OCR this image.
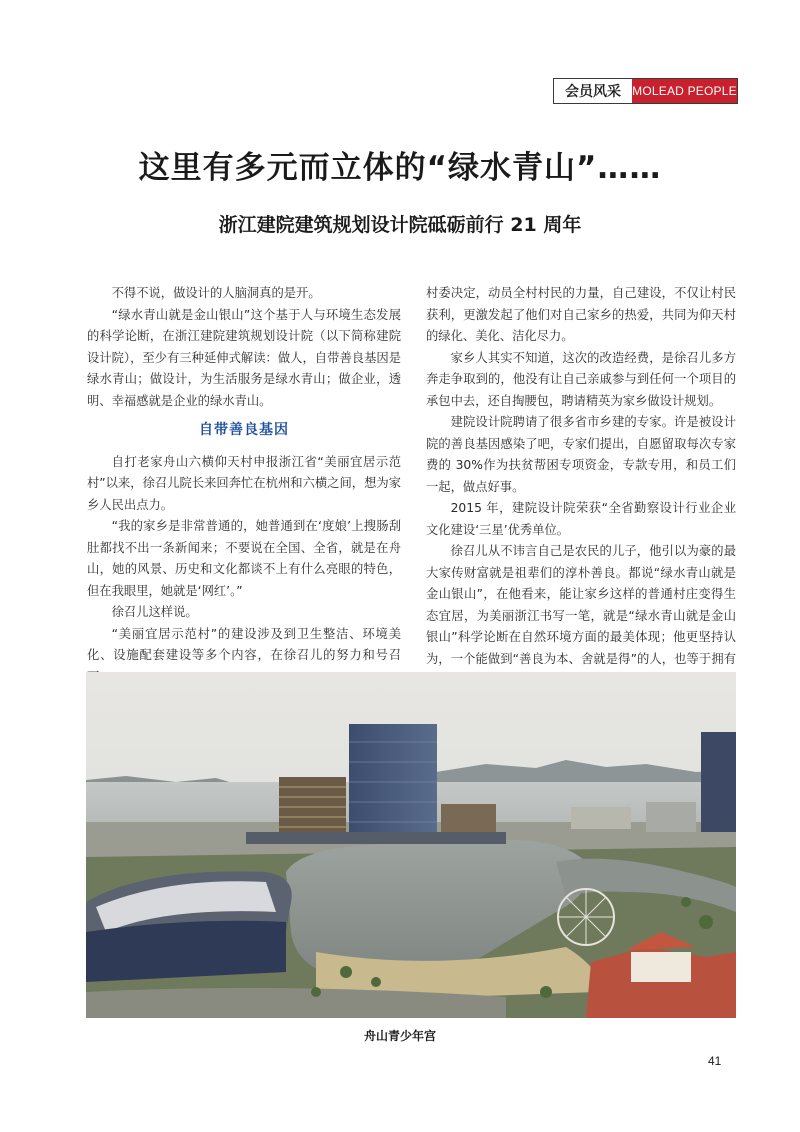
会员风采 MOLEAD PEOPLE
这里有多元而立体的“绿水青山”……
浙江建院建筑规划设计院砥砺前行 21 周年

不得不说，做设计的人脑洞真的是开。

“绿水青山就是金山银山”这个基于人与环境生态发展的科学论断，在浙江建院建筑规划设计院（以下简称建院设计院），至少有三种延伸式解读：做人，自带善良基因是绿水青山；做设计，为生活服务是绿水青山；做企业，透明、幸福感就是企业的绿水青山。

自带善良基因

自打老家舟山六横仰天村申报浙江省“美丽宜居示范村”以来，徐召儿院长来回奔忙在杭州和六横之间，想为家乡人民出点力。

“我的家乡是非常普通的，她普通到在‘度娘’上搜肠刮肚都找不出一条新闻来；不要说在全国、全省，就是在舟山，她的风景、历史和文化都谈不上有什么亮眼的特色，但在我眼里，她就是‘网红’。”

徐召儿这样说。

“美丽宜居示范村”的建设涉及到卫生整洁、环境美化、设施配套建设等多个内容，在徐召儿的努力和号召

村委决定，动员全村村民的力量，自己建设，不仅让村民获利，更激发起了他们对自己家乡的热爱，共同为仰天村的绿化、美化、洁化尽力。

家乡人其实不知道，这次的改造经费，是徐召儿多方奔走争取到的，他没有让自己亲戚参与到任何一个项目的承包中去，还自掏腰包，聘请精英为家乡做设计规划。

建院设计院聘请了很多省市乡建的专家。许是被设计院的善良基因感染了吧，专家们提出，自愿留取每次专家费的 30%作为扶贫帮困专项资金，专款专用，和员工们一起，做点好事。

2015 年，建院设计院荣获“全省勤察设计行业企业文化建设‘三星’优秀单位。

徐召儿从不讳言自己是农民的儿子，他引以为豪的最大家传财富就是祖辈们的淳朴善良。都说“绿水青山就是金山银山”，在他看来，能让家乡这样的普通村庄变得生态宜居，为美丽浙江书写一笔，就是“绿水青山就是金山银山”科学论断在自然环境方面的最美体现；他更坚持认为，一个能做到“善良为本、舍就是得”的人，也等于拥有

舟山青少年宫
41
